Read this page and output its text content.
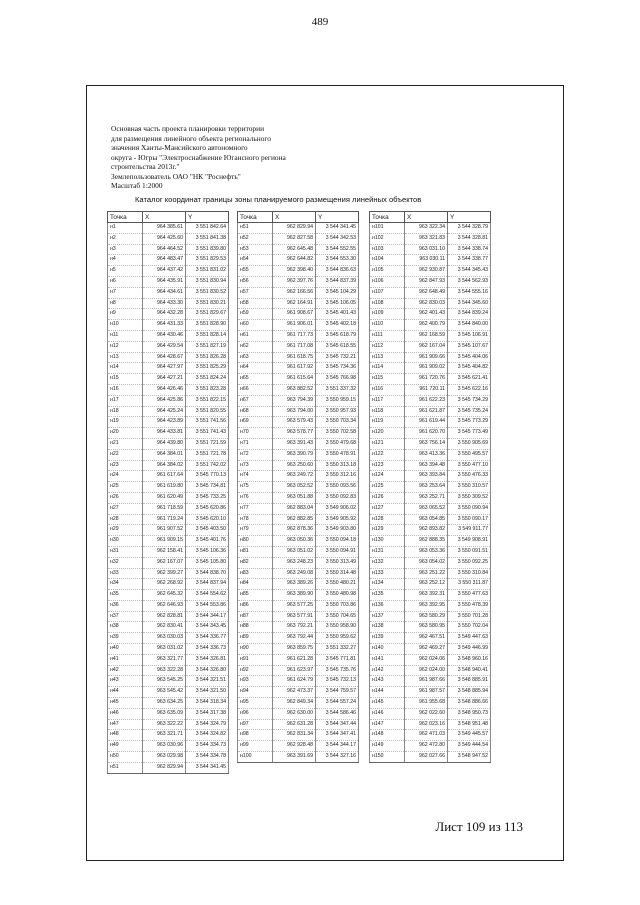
489
Основная часть проекта планировки территории
для размещения линейного объекта регионального
значения Ханты-Мансийского автономного
округа - Югры "Электроснабжение Югансного региона
строительства 2013г."
Землепользователь ОАО "НК "Роснефть"
Масштаб 1:2000
Каталог координат границы зоны планируемого размещения линейных объектов
Точка	X	Y
н1	964 385.61	3 551 842.64
н2	964 425.60	3 551 841.38
н3	964 464.52	3 551 839.80
н4	964 483.47	3 551 829.53
н5	964 437.42	3 551 831.02
н6	964 435.91	3 551 830.94
н7	964 434.61	3 551 830.52
н8	964 433.30	3 551 830.21
н9	964 432.28	3 551 829.67
н10	964 431.33	3 551 828.90
н11	964 430.46	3 551 828.14
н12	964 429.54	3 551 827.19
н13	964 428.67	3 551 826.28
н14	964 427.97	3 551 825.29
н15	964 427.21	3 551 824.24
н16	964 426.46	3 551 823.28
н17	964 425.86	3 551 822.15
н18	964 425.24	3 551 820.55
н19	964 423.89	3 551 741.56
н20	964 433.81	3 551 741.43
н21	964 439.80	3 551 721.59
н22	964 384.01	3 551 721.78
н23	964 384.02	3 551 742.02
н24	961 617.64	3 545 770.13
н25	961 619.80	3 545 734.81
н26	961 620.49	3 545 733.25
н27	961 718.59	3 545 620.86
н28	961 719.24	3 545 620.10
н29	961 907.52	3 545 403.50
н30	961 909.15	3 545 401.76
н31	962 158.41	3 545 106.36
н32	962 167.07	3 545 105.80
н33	962 399.27	3 544 838.70
н34	962 268.92	3 544 837.94
н35	962 645.32	3 544 554.62
н36	962 646.93	3 544 553.86
н37	962 828.81	3 544 344.17
н38	962 830.41	3 544 343.45
н39	963 030.03	3 544 336.77
н40	963 031.02	3 544 336.73
н41	963 321.77	3 544 326.81
н42	963 322.28	3 544 326.80
н43	963 545.25	3 544 321.51
н44	963 545.42	3 544 321.50
н45	963 634.25	3 544 318.34
н46	963 635.09	3 544 317.38
н47	963 322.22	3 544 324.79
н48	963 321.71	3 544 324.82
н49	963 030.96	3 544 334.73
н50	963 029.98	3 544 334.78
н51	962 829.94	3 544 341.45
Точка	X	Y
н51	962 829.94	3 544 341.45
н52	962 827.58	3 544 342.53
н53	962 645.48	3 544 552.55
н54	962 644.82	3 544 553.30
н55	962 398.40	3 544 836.63
н56	962 397.76	3 544 837.39
н57	962 166.56	3 545 104.29
н58	962 164.91	3 545 106.05
н59	961 908.67	3 545 401.43
н60	961 906.01	3 545 402.18
н61	961 717.73	3 545 618.79
н62	961 717.08	3 545 618.55
н63	961 618.75	3 545 732.21
н64	961 617.92	3 545 734.36
н65	961 615.64	3 545 766.98
н66	963 882.52	3 551 337.32
н67	963 794.39	3 550 959.15
н68	963 794.00	3 550 957.93
н69	963 579.43	3 550 703.34
н70	963 578.77	3 550 702.58
н71	963 391.43	3 550 479.68
н72	963 390.79	3 550 478.91
н73	963 250.60	3 550 313.18
н74	963 249.72	3 550 312.16
н75	963 052.52	3 550 093.56
н76	963 051.88	3 550 092.83
н77	962 883.04	3 549 906.02
н78	962 882.85	3 549 905.92
н79	962 878.36	3 549 903.80
н80	963 050.36	3 550 094.18
н81	963 051.02	3 550 094.91
н82	963 248.23	3 550 313.49
н83	963 249.08	3 550 314.48
н84	963 389.26	3 550 480.21
н85	963 389.90	3 550 480.98
н86	963 577.25	3 550 703.86
н87	963 577.91	3 550 704.65
н88	963 792.21	3 550 958.90
н89	963 792.44	3 550 959.62
н90	963 859.75	3 551 332.27
н91	961 621.28	3 545 771.81
н92	961 623.97	3 545 735.76
н93	961 624.79	3 545 732.13
н94	962 473.37	3 544 759.57
н95	962 849.34	3 544 557.24
н96	962 630.00	3 544 586.46
н97	962 631.28	3 544 347.44
н98	962 831.34	3 544 347.41
н99	962 928.48	3 544 344.17
н100	963 391.69	3 544 327.16
Точка	X	Y
н101	963 322.34	3 544 328.79
н102	963 321.83	3 544 328.81
н103	963 031.10	3 544 338.74
н104	963 030.11	3 544 338.77
н105	962 930.87	3 544 345.43
н106	962 847.93	3 544 562.93
н107	962 648.49	3 544 555.16
н108	962 830.03	3 544 345.60
н109	962 401.43	3 544 839.24
н110	962 400.79	3 544 840.00
н111	962 168.59	3 545 106.91
н112	962 167.04	3 545 107.67
н113	961 909.66	3 545 404.06
н114	961 909.02	3 545 404.82
н115	961 720.76	3 545 621.41
н116	961 720.11	3 545 622.16
н117	961 622.23	3 545 734.29
н118	961 621.87	3 545 735.24
н119	961 619.44	3 545 773.29
н120	961 620.70	3 545 773.49
н121	963 756.14	3 550 905.69
н122	963 413.36	3 550 495.57
н123	963 394.48	3 550 477.10
н124	963 393.84	3 550 476.33
н125	963 253.64	3 550 310.57
н126	963 252.71	3 550 309.52
н127	963 065.52	3 550 090.94
н128	963 054.85	3 550 090.17
н129	962 893.82	3 549 911.77
н130	962 888.35	3 549 908.91
н131	963 053.36	3 550 091.51
н132	963 054.02	3 550 092.25
н133	963 251.22	3 550 310.84
н134	963 252.12	3 550 311.87
н135	963 392.31	3 550 477.63
н136	963 392.95	3 550 478.39
н137	963 580.29	3 550 701.28
н138	963 580.95	3 550 702.04
н139	962 467.51	3 549 447.63
н140	962 469.27	3 549 446.99
н141	962 024.06	3 548 960.16
н142	962 024.00	3 548 940.41
н143	961 987.66	3 548 885.91
н144	961 987.57	3 548 885.94
н145	961 955.68	3 548 886.66
н146	962 022.60	3 548 950.73
н147	962 023.16	3 548 951.48
н148	962 471.03	3 549 445.57
н149	962 472.80	3 549 444.54
н150	962 027.66	3 548 947.52
Лист 109 из 113
